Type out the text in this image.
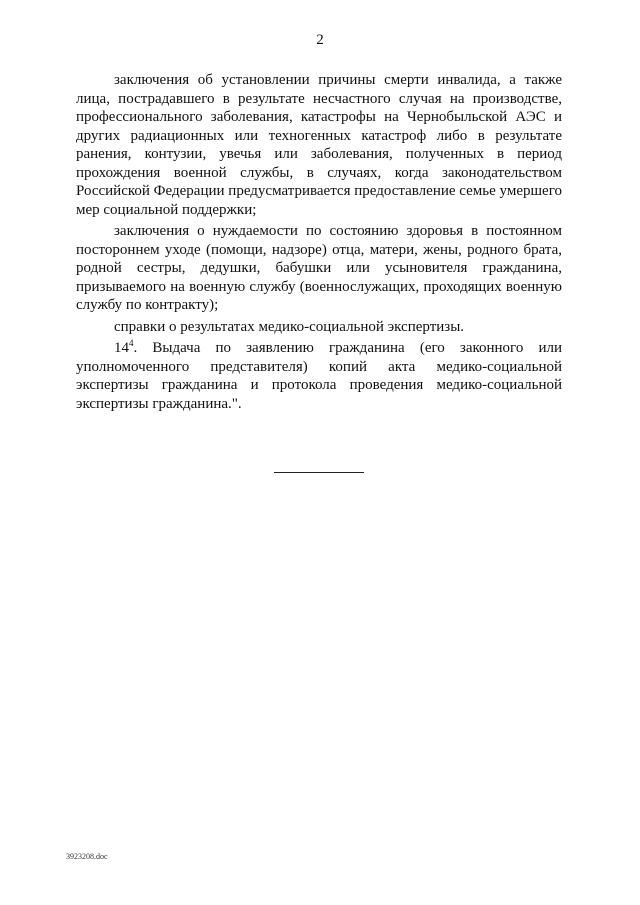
2

заключения об установлении причины смерти инвалида, а также лица, пострадавшего в результате несчастного случая на производстве, профессионального заболевания, катастрофы на Чернобыльской АЭС и других радиационных или техногенных катастроф либо в результате ранения, контузии, увечья или заболевания, полученных в период прохождения военной службы, в случаях, когда законодательством Российской Федерации предусматривается предоставление семье умершего мер социальной поддержки;

заключения о нуждаемости по состоянию здоровья в постоянном постороннем уходе (помощи, надзоре) отца, матери, жены, родного брата, родной сестры, дедушки, бабушки или усыновителя гражданина, призываемого на военную службу (военнослужащих, проходящих военную службу по контракту);

справки о результатах медико-социальной экспертизы.

$14^4$. Выдача по заявлению гражданина (его законного или уполномоченного представителя) копий акта медико-социальной экспертизы гражданина и протокола проведения медико-социальной экспертизы гражданина.".

3923208.doc
